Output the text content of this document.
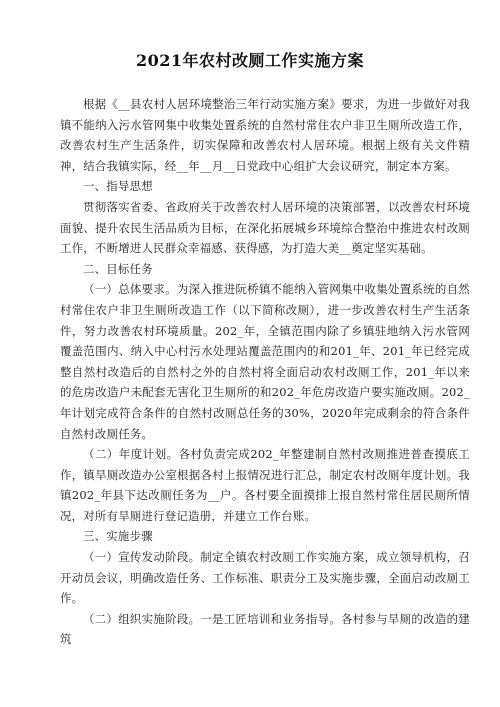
2021年农村改厕工作实施方案

根据《__县农村人居环境整治三年行动实施方案》要求，为进一步做好对我镇不能纳入污水管网集中收集处置系统的自然村常住农户非卫生厕所改造工作，改善农村生产生活条件，切实保障和改善农村人居环境。根据上级有关文件精神，结合我镇实际，经__年__月__日党政中心组扩大会议研究，制定本方案。

一、指导思想

贯彻落实省委、省政府关于改善农村人居环境的决策部署，以改善农村环境面貌、提升农民生活品质为目标，在深化拓展城乡环境综合整治中推进农村改厕工作，不断增进人民群众幸福感、获得感，为打造大美__奠定坚实基础。

二、目标任务

（一）总体要求。为深入推进阮桥镇不能纳入管网集中收集处置系统的自然村常住农户非卫生厕所改造工作（以下简称改厕），进一步改善农村生产生活条件，努力改善农村环境质量。202_年，全镇范围内除了乡镇驻地纳入污水管网覆盖范围内、纳入中心村污水处理站覆盖范围内的和201_年、201_年已经完成整自然村改造后的自然村之外的自然村将全面启动农村改厕工作，201_年以来的危房改造户未配套无害化卫生厕所的和202_年危房改造户要实施改厕。202_年计划完成符合条件的自然村改厕总任务的30%，2020年完成剩余的符合条件自然村改厕任务。

（二）年度计划。各村负责完成202_年整建制自然村改厕推进普查摸底工作，镇旱厕改造办公室根据各村上报情况进行汇总，制定农村改厕年度计划。我镇202_年县下达改厕任务为__户。各村要全面摸排上报自然村常住居民厕所情况，对所有旱厕进行登记造册，并建立工作台账。

三、实施步骤

（一）宣传发动阶段。制定全镇农村改厕工作实施方案，成立领导机构，召开动员会议，明确改造任务、工作标准、职责分工及实施步骤，全面启动改厕工作。

（二）组织实施阶段。一是工匠培训和业务指导。各村参与旱厕的改造的建筑
